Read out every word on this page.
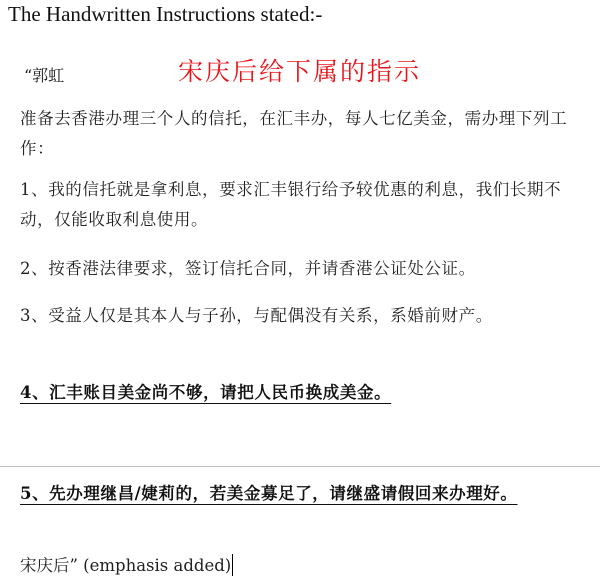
The Handwritten Instructions stated:-
“郭虹	宋庆后给下属的指示
准备去香港办理三个人的信托，在汇丰办，每人七亿美金，需办理下列工作：
1、我的信托就是拿利息，要求汇丰银行给予较优惠的利息，我们长期不动，仅能收取利息使用。
2、按香港法律要求，签订信托合同，并请香港公证处公证。
3、受益人仅是其本人与子孙，与配偶没有关系，系婚前财产。
4、汇丰账目美金尚不够，请把人民币换成美金。
5、先办理继昌/婕莉的，若美金募足了，请继盛请假回来办理好。
宋庆后” (emphasis added)
